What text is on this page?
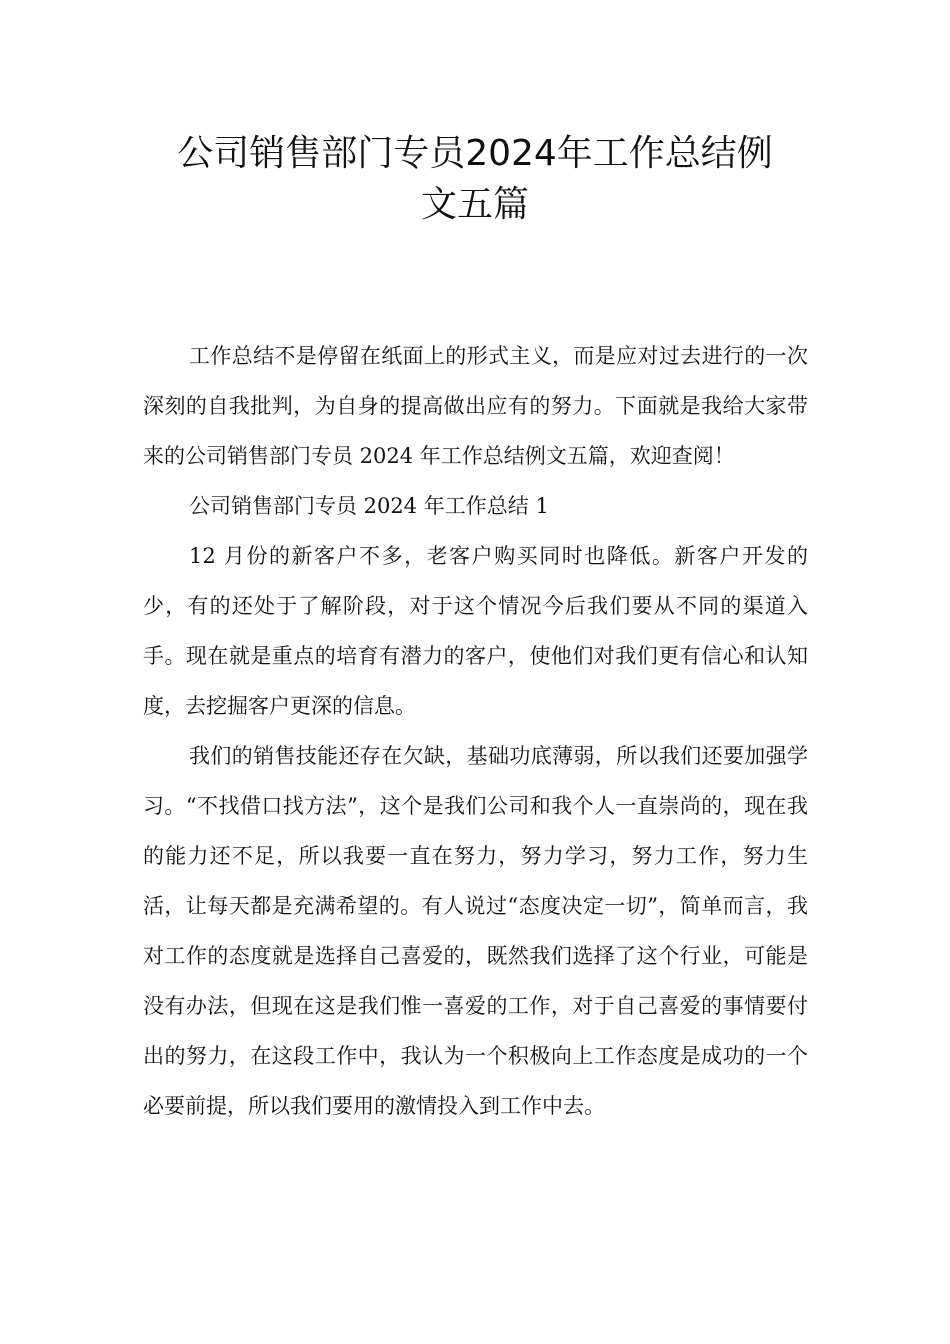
公司销售部门专员2024年工作总结例
文五篇

工作总结不是停留在纸面上的形式主义，而是应对过去进行的一次深刻的自我批判，为自身的提高做出应有的努力。下面就是我给大家带来的公司销售部门专员 2024 年工作总结例文五篇，欢迎查阅！

公司销售部门专员 2024 年工作总结 1

12 月份的新客户不多，老客户购买同时也降低。新客户开发的少，有的还处于了解阶段，对于这个情况今后我们要从不同的渠道入手。现在就是重点的培育有潜力的客户，使他们对我们更有信心和认知度，去挖掘客户更深的信息。

我们的销售技能还存在欠缺，基础功底薄弱，所以我们还要加强学习。“不找借口找方法”，这个是我们公司和我个人一直崇尚的，现在我的能力还不足，所以我要一直在努力，努力学习，努力工作，努力生活，让每天都是充满希望的。有人说过“态度决定一切”，简单而言，我对工作的态度就是选择自己喜爱的，既然我们选择了这个行业，可能是没有办法，但现在这是我们惟一喜爱的工作，对于自己喜爱的事情要付出的努力，在这段工作中，我认为一个积极向上工作态度是成功的一个必要前提，所以我们要用的激情投入到工作中去。
